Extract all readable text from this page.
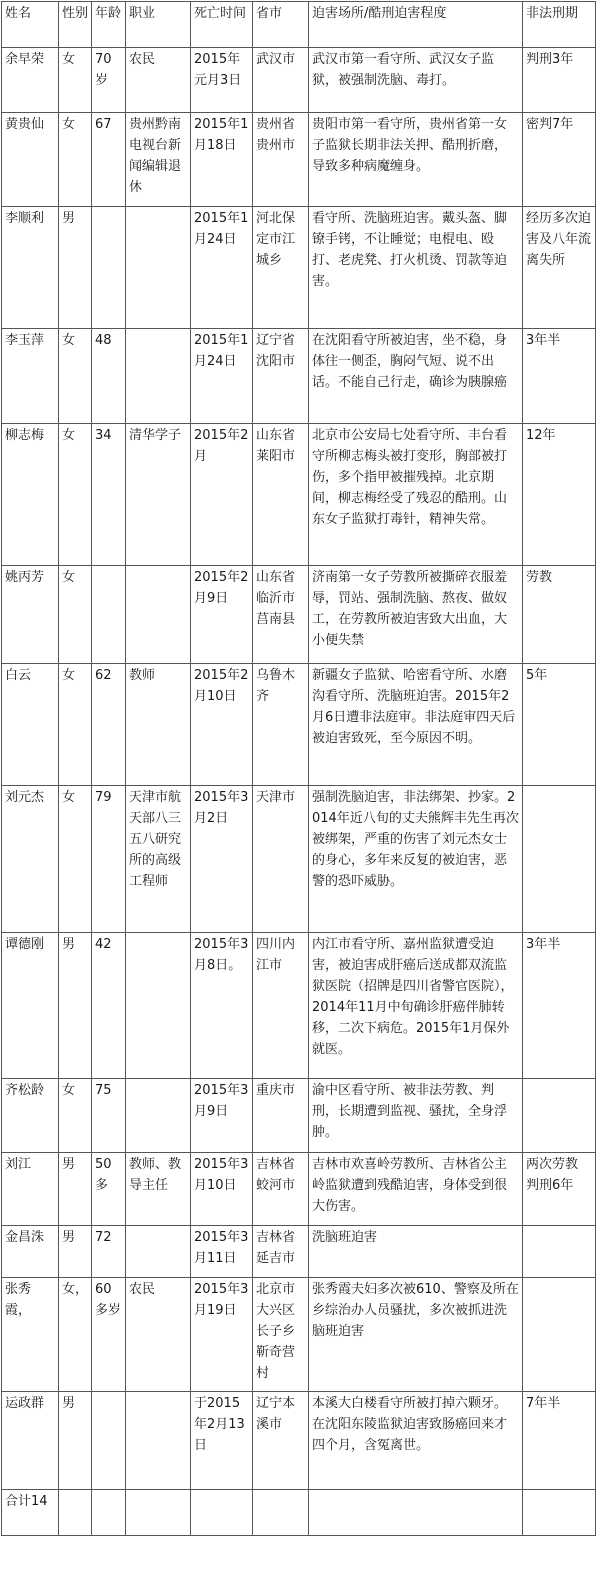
姓名	性别	年龄	职业	死亡时间	省市	迫害场所/酷刑迫害程度	非法刑期
余早荣	女	70岁	农民	2015年元月3日	武汉市	武汉市第一看守所、武汉女子监狱，被强制洗脑、毒打。	判刑3年
黄贵仙	女	67	贵州黔南电视台新闻编辑退休	2015年1月18日	贵州省贵州市	贵阳市第一看守所，贵州省第一女子监狱长期非法关押、酷刑折磨，导致多种病魔缠身。	密判7年
李顺利	男			2015年1月24日	河北保定市江城乡	看守所、洗脑班迫害。戴头盔、脚镣手铐，不让睡觉；电棍电、殴打、老虎凳、打火机烫、罚款等迫害。	经历多次迫害及八年流离失所
李玉萍	女	48		2015年1月24日	辽宁省沈阳市	在沈阳看守所被迫害，坐不稳，身体往一侧歪，胸闷气短、说不出话。不能自己行走，确诊为胰腺癌	3年半
柳志梅	女	34	清华学子	2015年2月	山东省莱阳市	北京市公安局七处看守所、丰台看守所柳志梅头被打变形，胸部被打伤，多个指甲被摧残掉。北京期间，柳志梅经受了残忍的酷刑。山东女子监狱打毒针，精神失常。	12年
姚丙芳	女			2015年2月9日	山东省临沂市莒南县	济南第一女子劳教所被撕碎衣服羞辱，罚站、强制洗脑、熬夜、做奴工，在劳教所被迫害致大出血，大小便失禁	劳教
白云	女	62	教师	2015年2月10日	乌鲁木齐	新疆女子监狱、哈密看守所、水磨沟看守所、洗脑班迫害。2015年2月6日遭非法庭审。非法庭审四天后被迫害致死，至今原因不明。	5年
刘元杰	女	79	天津市航天部八三五八研究所的高级工程师	2015年3月2日	天津市	强制洗脑迫害，非法绑架、抄家。2014年近八旬的丈夫熊辉丰先生再次被绑架，严重的伤害了刘元杰女士的身心，多年来反复的被迫害，恶警的恐吓威胁。	
谭德刚	男	42		2015年3月8日。	四川内江市	内江市看守所、嘉州监狱遭受迫害，被迫害成肝癌后送成都双流监狱医院（招牌是四川省警官医院），2014年11月中旬确诊肝癌伴肺转移，二次下病危。2015年1月保外就医。	3年半
齐松龄	女	75		2015年3月9日	重庆市	渝中区看守所、被非法劳教、判刑，长期遭到监视、骚扰，全身浮肿。	
刘江	男	50多	教师、教导主任	2015年3月10日	吉林省蛟河市	吉林市欢喜岭劳教所、吉林省公主岭监狱遭到残酷迫害，身体受到很大伤害。	两次劳教 判刑6年
金昌洙	男	72		2015年3月11日	吉林省延吉市	洗脑班迫害	
张秀霞，	女，	60多岁	农民	2015年3月19日	北京市大兴区长子乡靳奇营村	张秀霞夫妇多次被610、警察及所在乡综治办人员骚扰，多次被抓进洗脑班迫害	
运政群	男			于2015年2月13日	辽宁本溪市	本溪大白楼看守所被打掉六颗牙。在沈阳东陵监狱迫害致肠癌回来才四个月，含冤离世。	7年半
合计14							
